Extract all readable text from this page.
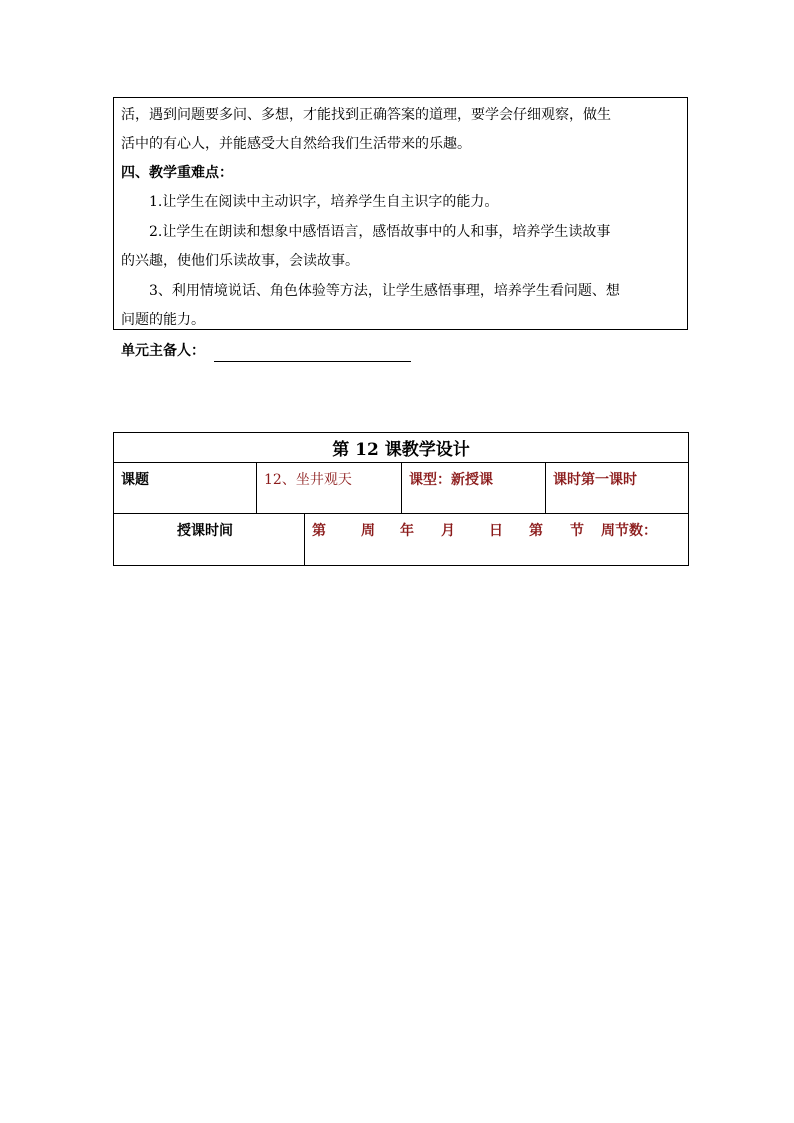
活，遇到问题要多问、多想，才能找到正确答案的道理，要学会仔细观察，做生
活中的有心人，并能感受大自然给我们生活带来的乐趣。
四、教学重难点：
1.让学生在阅读中主动识字，培养学生自主识字的能力。
2.让学生在朗读和想象中感悟语言，感悟故事中的人和事，培养学生读故事
的兴趣，使他们乐读故事，会读故事。
3、利用情境说话、角色体验等方法，让学生感悟事理，培养学生看问题、想
问题的能力。
单元主备人：
第 12 课教学设计
课题	12、坐井观天	课型：新授课	课时第一课时
授课时间	第	周 年 月 日 第 节 周节数：
